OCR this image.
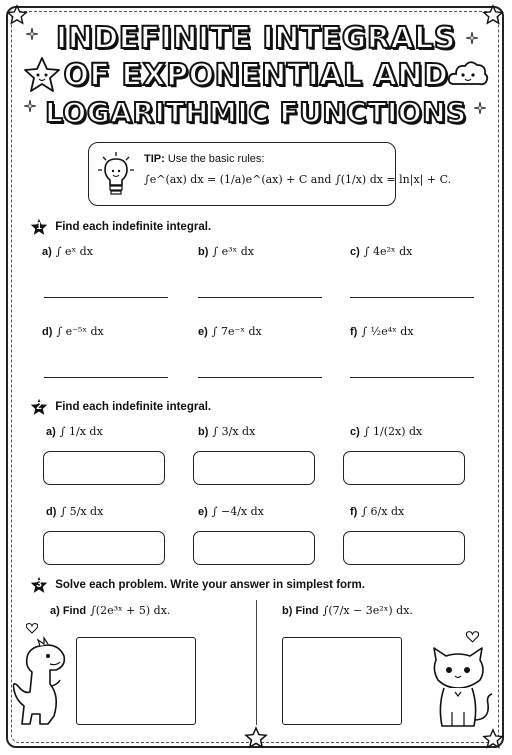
INDEFINITE INTEGRALS
OF EXPONENTIAL AND
LOGARITHMIC FUNCTIONS
TIP: Use the basic rules:
∫e^(ax) dx = (1/a)e^(ax) + C and ∫(1/x) dx = ln|x| + C.
1	Find each indefinite integral.
a) ∫ eˣ dx	b) ∫ e³ˣ dx	c) ∫ 4e²ˣ dx
d) ∫ e⁻⁵ˣ dx	e) ∫ 7e⁻ˣ dx	f) ∫ ½e⁴ˣ dx
2	Find each indefinite integral.
a) ∫ 1/x dx	b) ∫ 3/x dx	c) ∫ 1/(2x) dx
d) ∫ 5/x dx	e) ∫ −4/x dx	f) ∫ 6/x dx
3	Solve each problem. Write your answer in simplest form.
a) Find ∫(2e³ˣ + 5) dx.	b) Find ∫(7/x − 3e²ˣ) dx.
